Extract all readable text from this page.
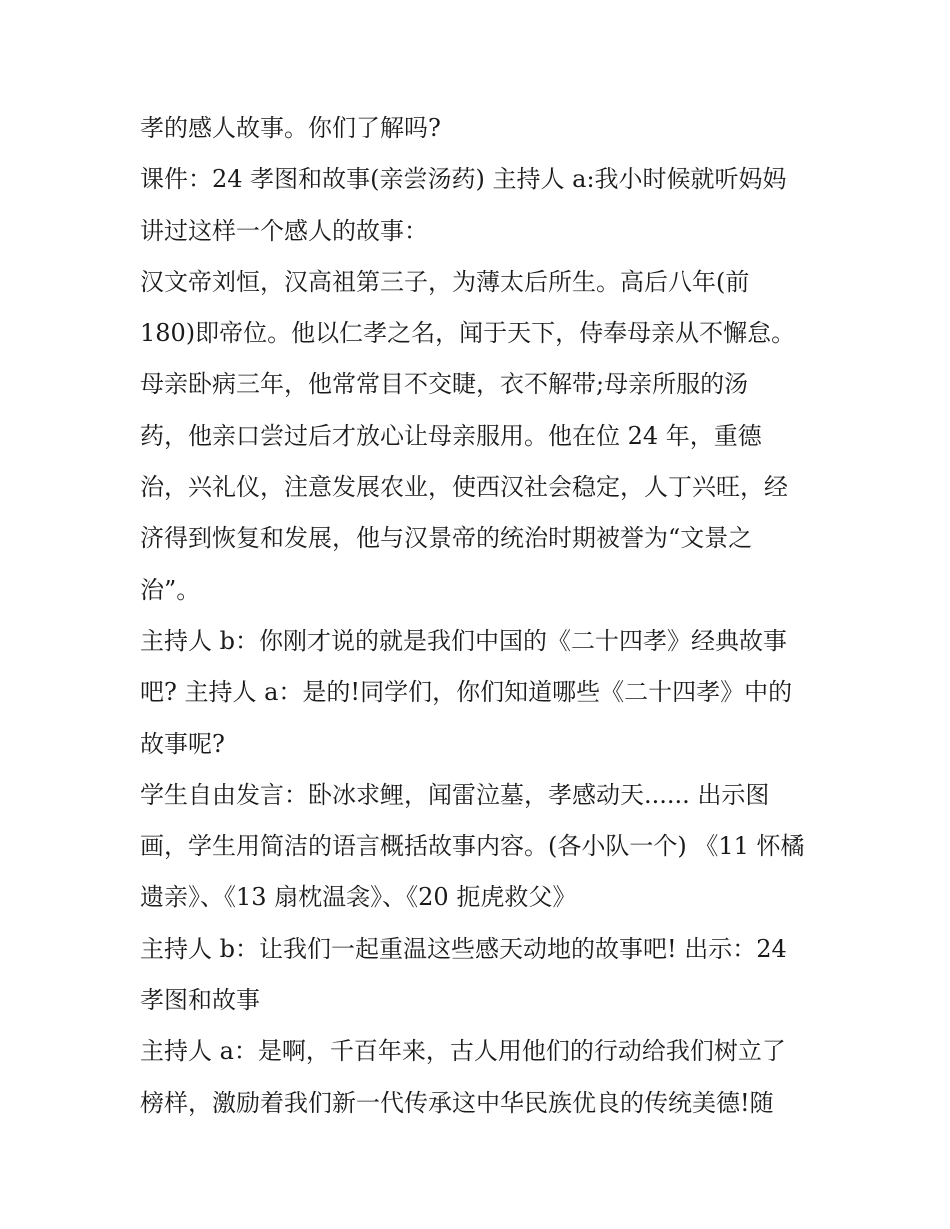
孝的感人故事。你们了解吗?
课件：24 孝图和故事(亲尝汤药) 主持人 a:我小时候就听妈妈
讲过这样一个感人的故事：
汉文帝刘恒，汉高祖第三子，为薄太后所生。高后八年(前
180)即帝位。他以仁孝之名，闻于天下，侍奉母亲从不懈怠。
母亲卧病三年，他常常目不交睫，衣不解带;母亲所服的汤
药，他亲口尝过后才放心让母亲服用。他在位 24 年，重德
治，兴礼仪，注意发展农业，使西汉社会稳定，人丁兴旺，经
济得到恢复和发展，他与汉景帝的统治时期被誉为“文景之
治”。
主持人 b：你刚才说的就是我们中国的《二十四孝》经典故事
吧? 主持人 a：是的!同学们，你们知道哪些《二十四孝》中的
故事呢?
学生自由发言：卧冰求鲤，闻雷泣墓，孝感动天...... 出示图
画，学生用简洁的语言概括故事内容。(各小队一个) 《11 怀橘
遗亲》、《13 扇枕温衾》、《20 扼虎救父》
主持人 b：让我们一起重温这些感天动地的故事吧! 出示：24
孝图和故事
主持人 a：是啊，千百年来，古人用他们的行动给我们树立了
榜样，激励着我们新一代传承这中华民族优良的传统美德!随
